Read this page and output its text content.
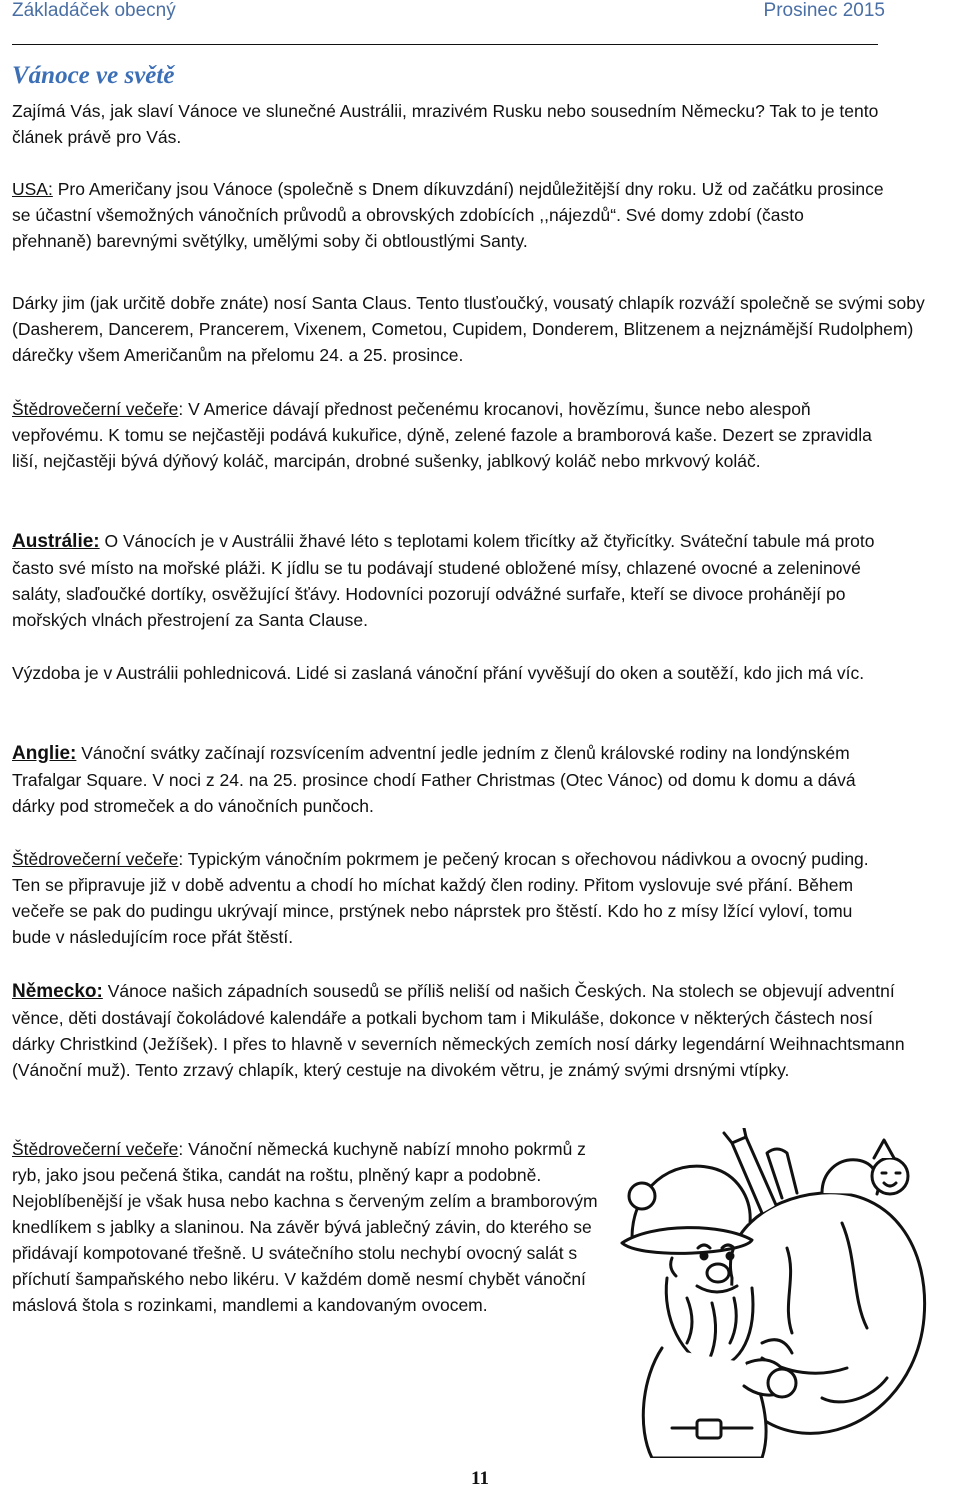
Základáček obecný	Prosinec 2015
Vánoce ve světě

Zajímá Vás, jak slaví Vánoce ve slunečné Austrálii, mrazivém Rusku nebo sousedním Německu? Tak to je tento článek právě pro Vás.

USA: Pro Američany jsou Vánoce (společně s Dnem díkuvzdání) nejdůležitější dny roku. Už od začátku prosince se účastní všemožných vánočních průvodů a obrovských zdobících ,,nájezdů“. Své domy zdobí (často přehnaně) barevnými světýlky, umělými soby či obtloustlými Santy.

Dárky jim (jak určitě dobře znáte) nosí Santa Claus. Tento tlusťoučký, vousatý chlapík rozváží společně se svými soby (Dasherem, Dancerem, Prancerem, Vixenem, Cometou, Cupidem, Donderem, Blitzenem a nejznámější Rudolphem) dárečky všem Američanům na přelomu 24. a 25. prosince.

Štědrovečerní večeře: V Americe dávají přednost pečenému krocanovi, hovězímu, šunce nebo alespoň vepřovému. K tomu se nejčastěji podává kukuřice, dýně, zelené fazole a bramborová kaše. Dezert se zpravidla liší, nejčastěji bývá dýňový koláč, marcipán, drobné sušenky, jablkový koláč nebo mrkvový koláč.

Austrálie: O Vánocích je v Austrálii žhavé léto s teplotami kolem třicítky až čtyřicítky. Sváteční tabule má proto často své místo na mořské pláži. K jídlu se tu podávají studené obložené mísy, chlazené ovocné a zeleninové saláty, slaďoučké dortíky, osvěžující šťávy. Hodovníci pozorují odvážné surfaře, kteří se divoce prohánějí po mořských vlnách přestrojení za Santa Clause.

Výzdoba je v Austrálii pohlednicová. Lidé si zaslaná vánoční přání vyvěšují do oken a soutěží, kdo jich má víc.

Anglie: Vánoční svátky začínají rozsvícením adventní jedle jedním z členů královské rodiny na londýnském Trafalgar Square. V noci z 24. na 25. prosince chodí Father Christmas (Otec Vánoc) od domu k domu a dává dárky pod stromeček a do vánočních punčoch.

Štědrovečerní večeře: Typickým vánočním pokrmem je pečený krocan s ořechovou nádivkou a ovocný puding. Ten se připravuje již v době adventu a chodí ho míchat každý člen rodiny. Přitom vyslovuje své přání. Během večeře se pak do pudingu ukrývají mince, prstýnek nebo náprstek pro štěstí. Kdo ho z mísy lžící vyloví, tomu bude v následujícím roce přát štěstí.

Německo: Vánoce našich západních sousedů se příliš neliší od našich Českých. Na stolech se objevují adventní věnce, děti dostávají čokoládové kalendáře a potkali bychom tam i Mikuláše, dokonce v některých částech nosí dárky Christkind (Ježíšek). I přes to hlavně v severních německých zemích nosí dárky legendární Weihnachtsmann (Vánoční muž). Tento zrzavý chlapík, který cestuje na divokém větru, je známý svými drsnými vtípky.

Štědrovečerní večeře: Vánoční německá kuchyně nabízí mnoho pokrmů z ryb, jako jsou pečená štika, candát na roštu, plněný kapr a podobně. Nejoblíbenější je však husa nebo kachna s červeným zelím a bramborovým knedlíkem s jablky a slaninou. Na závěr bývá jablečný závin, do kterého se přidávají kompotované třešně. U svátečního stolu nechybí ovocný salát s příchutí šampaňského nebo likéru. V každém domě nesmí chybět vánoční máslová štola s rozinkami, mandlemi a kandovaným ovocem.

11
